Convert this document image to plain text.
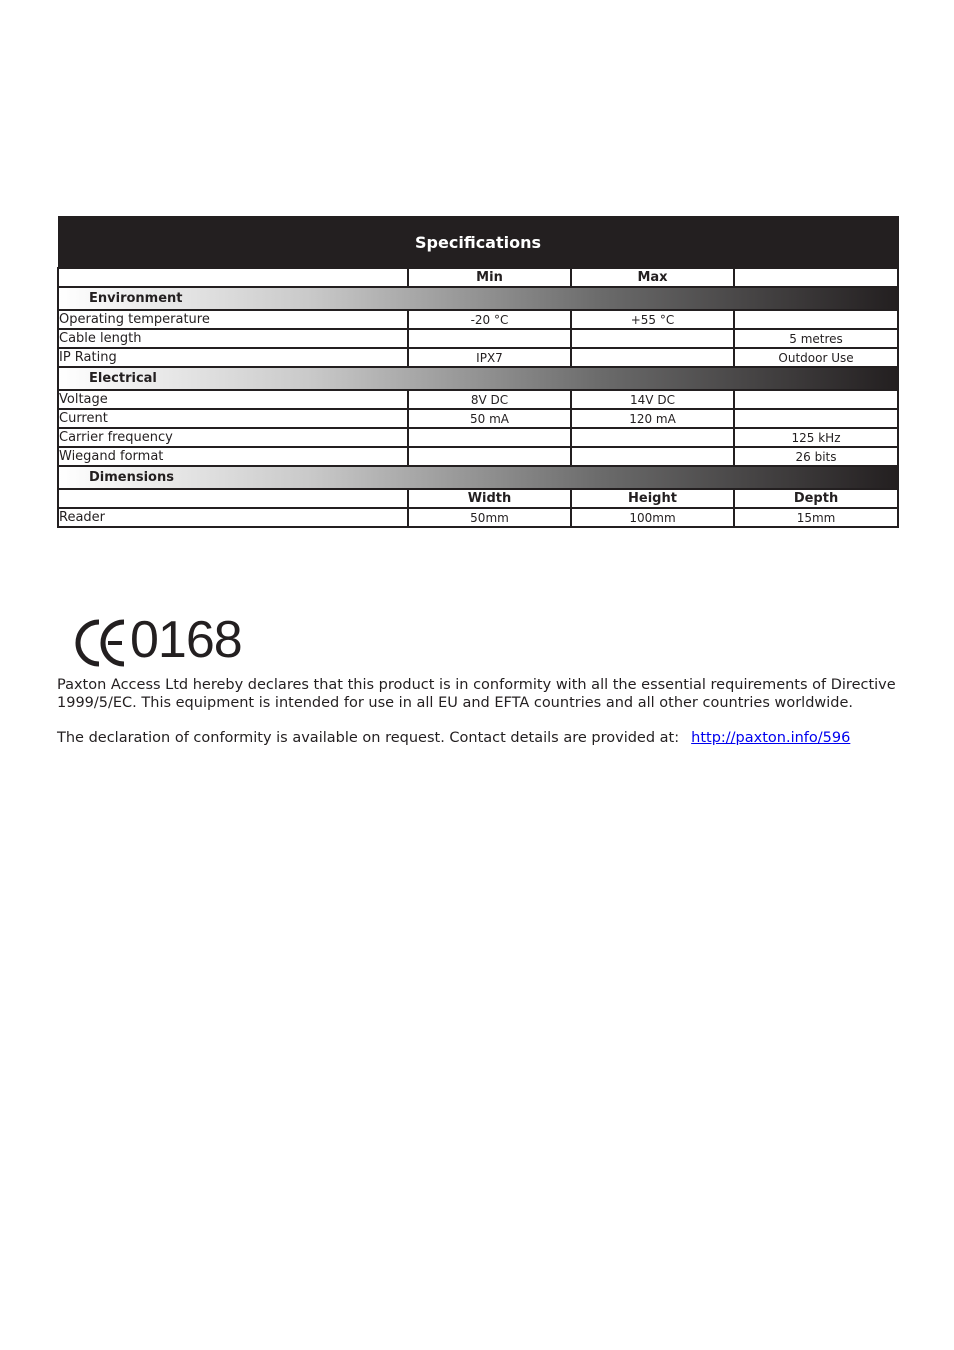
Specifications			
	Min	Max	
Environment			
Operating temperature	-20 °C	+55 °C	
Cable length			5 metres
IP Rating	IPX7		Outdoor Use
Electrical			
Voltage	8V DC	14V DC	
Current	50 mA	120 mA	
Carrier frequency			125 kHz
Wiegand format			26 bits
Dimensions			
	Width	Height	Depth
Reader	50mm	100mm	15mm
0168

Paxton Access Ltd hereby declares that this product is in conformity with all the essential requirements of Directive 1999/5/EC. This equipment is intended for use in all EU and EFTA countries and all other countries worldwide.

The declaration of conformity is available on request. Contact details are provided at: http://paxton.info/596
